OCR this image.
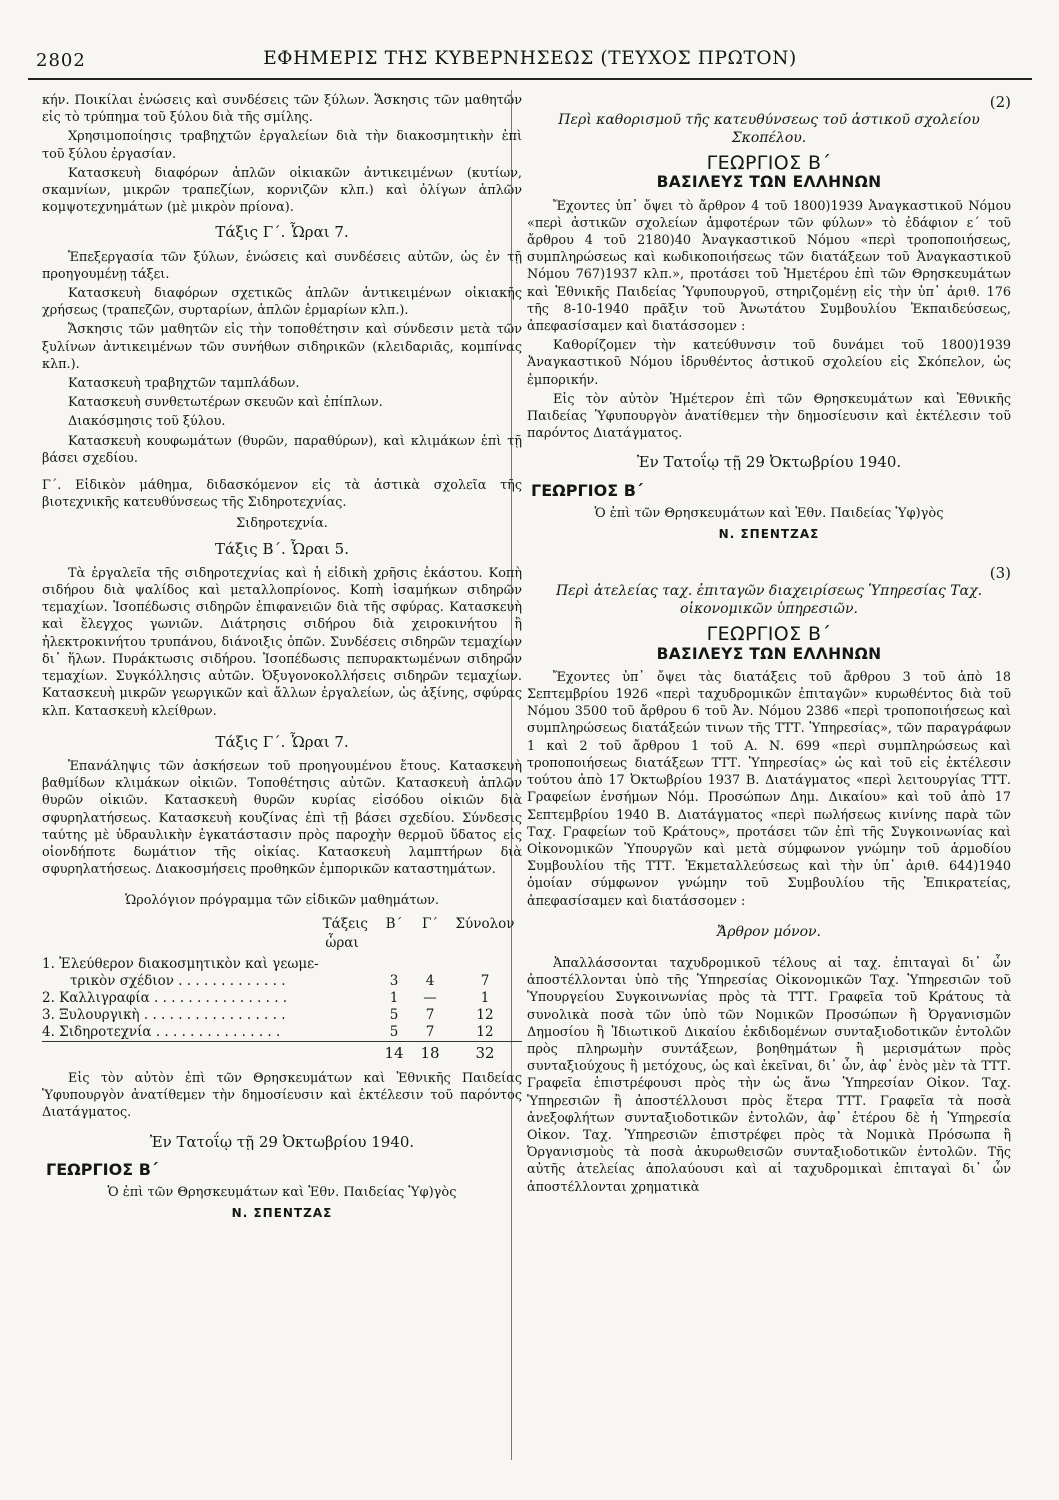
2802	ΕΦΗΜΕΡΙΣ ΤΗΣ ΚΥΒΕΡΝΗΣΕΩΣ (ΤΕΥΧΟΣ ΠΡΩΤΟΝ)

κήν. Ποικίλαι ἑνώσεις καὶ συνδέσεις τῶν ξύλων. Ἄσκησις τῶν μαθητῶν εἰς τὸ τρύπημα τοῦ ξύλου διὰ τῆς σμίλης.

Χρησιμοποίησις τραβηχτῶν ἐργαλείων διὰ τὴν διακοσμητικὴν ἐπὶ τοῦ ξύλου ἐργασίαν.

Κατασκευὴ διαφόρων ἁπλῶν οἰκιακῶν ἀντικειμένων (κυτίων, σκαμνίων, μικρῶν τραπεζίων, κορνιζῶν κλπ.) καὶ ὀλίγων ἁπλῶν κομψοτεχνημάτων (μὲ μικρὸν πρίονα).

Τάξις Γ΄. Ὧραι 7.

Ἐπεξεργασία τῶν ξύλων, ἑνώσεις καὶ συνδέσεις αὐτῶν, ὡς ἐν τῇ προηγουμένῃ τάξει.

Κατασκευὴ διαφόρων σχετικῶς ἁπλῶν ἀντικειμένων οἰκιακῆς χρήσεως (τραπεζῶν, συρταρίων, ἁπλῶν ἑρμαρίων κλπ.).

Ἄσκησις τῶν μαθητῶν εἰς τὴν τοποθέτησιν καὶ σύνδεσιν μετὰ τῶν ξυλίνων ἀντικειμένων τῶν συνήθων σιδηρικῶν (κλειδαριᾶς, κομπίνας κλπ.).

Κατασκευὴ τραβηχτῶν ταμπλάδων.

Κατασκευὴ συνθετωτέρων σκευῶν καὶ ἐπίπλων.

Διακόσμησις τοῦ ξύλου.

Κατασκευὴ κουφωμάτων (θυρῶν, παραθύρων), καὶ κλιμάκων ἐπὶ τῇ βάσει σχεδίου.

Γ΄. Εἰδικὸν μάθημα, διδασκόμενον εἰς τὰ ἀστικὰ σχολεῖα τῆς βιοτεχνικῆς κατευθύνσεως τῆς Σιδηροτεχνίας.

Σιδηροτεχνία.
Τάξις Β΄. Ὧραι 5.

Τὰ ἐργαλεῖα τῆς σιδηροτεχνίας καὶ ἡ εἰδικὴ χρῆσις ἑκάστου. Κοπὴ σιδήρου διὰ ψαλίδος καὶ μεταλλοπρίονος. Κοπὴ ἰσαμήκων σιδηρῶν τεμαχίων. Ἰσοπέδωσις σιδηρῶν ἐπιφανειῶν διὰ τῆς σφύρας. Κατασκευὴ καὶ ἔλεγχος γωνιῶν. Διάτρησις σιδήρου διὰ χειροκινήτου ἢ ἠλεκτροκινήτου τρυπάνου, διάνοιξις ὀπῶν. Συνδέσεις σιδηρῶν τεμαχίων δι᾽ ἥλων. Πυράκτωσις σιδήρου. Ἰσοπέδωσις πεπυρακτωμένων σιδηρῶν τεμαχίων. Συγκόλλησις αὐτῶν. Ὀξυγονοκολλήσεις σιδηρῶν τεμαχίων. Κατασκευὴ μικρῶν γεωργικῶν καὶ ἄλλων ἐργαλείων, ὡς ἀξίνης, σφύρας κλπ. Κατασκευὴ κλείθρων.

Τάξις Γ΄. Ὧραι 7.

Ἐπανάληψις τῶν ἀσκήσεων τοῦ προηγουμένου ἔτους. Κατασκευὴ βαθμίδων κλιμάκων οἰκιῶν. Τοποθέτησις αὐτῶν. Κατασκευὴ ἁπλῶν θυρῶν οἰκιῶν. Κατασκευὴ θυρῶν κυρίας εἰσόδου οἰκιῶν διὰ σφυρηλατήσεως. Κατασκευὴ κουζίνας ἐπὶ τῇ βάσει σχεδίου. Σύνδεσις ταύτης μὲ ὑδραυλικὴν ἐγκατάστασιν πρὸς παροχὴν θερμοῦ ὕδατος εἰς οἱονδήποτε δωμάτιον τῆς οἰκίας. Κατασκευὴ λαμπτήρων διὰ σφυρηλατήσεως. Διακοσμήσεις προθηκῶν ἐμπορικῶν καταστημάτων.

Ὡρολόγιον πρόγραμμα τῶν εἰδικῶν μαθημάτων.
Τάξεις	Β΄	Γ΄	Σύνολον
ὧραι
1. Ἐλεύθερον διακοσμητικὸν καὶ γεωμε-
τρικὸν σχέδιον . . . . . . . . . . . . .	3	4	7
2. Καλλιγραφία . . . . . . . . . . . . . . . .	1	—	1
3. Ξυλουργικὴ . . . . . . . . . . . . . . . . .	5	7	12
4. Σιδηροτεχνία . . . . . . . . . . . . . . .	5	7	12
14	18	32

Εἰς τὸν αὐτὸν ἐπὶ τῶν Θρησκευμάτων καὶ Ἐθνικῆς Παιδείας Ὑφυπουργὸν ἀνατίθεμεν τὴν δημοσίευσιν καὶ ἐκτέλεσιν τοῦ παρόντος Διατάγματος.

Ἐν Τατοΐῳ τῇ 29 Ὀκτωβρίου 1940.
ΓΕΩΡΓΙΟΣ Β΄
Ὁ ἐπὶ τῶν Θρησκευμάτων καὶ Ἐθν. Παιδείας Ὑφ)γὸς
Ν. ΣΠΕΝΤΖΑΣ
(2)
Περὶ καθορισμοῦ τῆς κατευθύνσεως τοῦ ἀστικοῦ σχολείου Σκοπέλου.
ΓΕΩΡΓΙΟΣ Β΄
ΒΑΣΙΛΕΥΣ ΤΩΝ ΕΛΛΗΝΩΝ

Ἔχοντες ὑπ᾽ ὄψει τὸ ἄρθρον 4 τοῦ 1800)1939 Ἀναγκαστικοῦ Νόμου «περὶ ἀστικῶν σχολείων ἀμφοτέρων τῶν φύλων» τὸ ἐδάφιον ε΄ τοῦ ἄρθρου 4 τοῦ 2180)40 Ἀναγκαστικοῦ Νόμου «περὶ τροποποιήσεως, συμπληρώσεως καὶ κωδικοποιήσεως τῶν διατάξεων τοῦ Ἀναγκαστικοῦ Νόμου 767)1937 κλπ.», προτάσει τοῦ Ἡμετέρου ἐπὶ τῶν Θρησκευμάτων καὶ Ἐθνικῆς Παιδείας Ὑφυπουργοῦ, στηριζομένῃ εἰς τὴν ὑπ᾽ ἀριθ. 176 τῆς 8-10-1940 πρᾶξιν τοῦ Ἀνωτάτου Συμβουλίου Ἐκπαιδεύσεως, ἀπεφασίσαμεν καὶ διατάσσομεν :

Καθορίζομεν τὴν κατεύθυνσιν τοῦ δυνάμει τοῦ 1800)1939 Ἀναγκαστικοῦ Νόμου ἱδρυθέντος ἀστικοῦ σχολείου εἰς Σκόπελον, ὡς ἐμπορικήν.

Εἰς τὸν αὐτὸν Ἡμέτερον ἐπὶ τῶν Θρησκευμάτων καὶ Ἐθνικῆς Παιδείας Ὑφυπουργὸν ἀνατίθεμεν τὴν δημοσίευσιν καὶ ἐκτέλεσιν τοῦ παρόντος Διατάγματος.

Ἐν Τατοΐῳ τῇ 29 Ὀκτωβρίου 1940.
ΓΕΩΡΓΙΟΣ Β΄
Ὁ ἐπὶ τῶν Θρησκευμάτων καὶ Ἐθν. Παιδείας Ὑφ)γὸς
Ν. ΣΠΕΝΤΖΑΣ
(3)
Περὶ ἀτελείας ταχ. ἐπιταγῶν διαχειρίσεως Ὑπηρεσίας Ταχ. οἰκονομικῶν ὑπηρεσιῶν.
ΓΕΩΡΓΙΟΣ Β΄
ΒΑΣΙΛΕΥΣ ΤΩΝ ΕΛΛΗΝΩΝ

Ἔχοντες ὑπ᾽ ὄψει τὰς διατάξεις τοῦ ἄρθρου 3 τοῦ ἀπὸ 18 Σεπτεμβρίου 1926 «περὶ ταχυδρομικῶν ἐπιταγῶν» κυρωθέντος διὰ τοῦ Νόμου 3500 τοῦ ἄρθρου 6 τοῦ Ἀν. Νόμου 2386 «περὶ τροποποιήσεως καὶ συμπληρώσεως διατάξεών τινων τῆς ΤΤΤ. Ὑπηρεσίας», τῶν παραγράφων 1 καὶ 2 τοῦ ἄρθρου 1 τοῦ Α. Ν. 699 «περὶ συμπληρώσεως καὶ τροποποιήσεως διατάξεων ΤΤΤ. Ὑπηρεσίας» ὡς καὶ τοῦ εἰς ἐκτέλεσιν τούτου ἀπὸ 17 Ὀκτωβρίου 1937 Β. Διατάγματος «περὶ λειτουργίας ΤΤΤ. Γραφείων ἐνσήμων Νόμ. Προσώπων Δημ. Δικαίου» καὶ τοῦ ἀπὸ 17 Σεπτεμβρίου 1940 Β. Διατάγματος «περὶ πωλήσεως κινίνης παρὰ τῶν Ταχ. Γραφείων τοῦ Κράτους», προτάσει τῶν ἐπὶ τῆς Συγκοινωνίας καὶ Οἰκονομικῶν Ὑπουργῶν καὶ μετὰ σύμφωνον γνώμην τοῦ ἁρμοδίου Συμβουλίου τῆς ΤΤΤ. Ἐκμεταλλεύσεως καὶ τὴν ὑπ᾽ ἀριθ. 644)1940 ὁμοίαν σύμφωνον γνώμην τοῦ Συμβουλίου τῆς Ἐπικρατείας, ἀπεφασίσαμεν καὶ διατάσσομεν :

Ἄρθρον μόνον.

Ἀπαλλάσσονται ταχυδρομικοῦ τέλους αἱ ταχ. ἐπιταγαὶ δι᾽ ὧν ἀποστέλλονται ὑπὸ τῆς Ὑπηρεσίας Οἰκονομικῶν Ταχ. Ὑπηρεσιῶν τοῦ Ὑπουργείου Συγκοινωνίας πρὸς τὰ ΤΤΤ. Γραφεῖα τοῦ Κράτους τὰ συνολικὰ ποσὰ τῶν ὑπὸ τῶν Νομικῶν Προσώπων ἢ Ὀργανισμῶν Δημοσίου ἢ Ἰδιωτικοῦ Δικαίου ἐκδιδομένων συνταξιοδοτικῶν ἐντολῶν πρὸς πληρωμὴν συντάξεων, βοηθημάτων ἢ μερισμάτων πρὸς συνταξιούχους ἢ μετόχους, ὡς καὶ ἐκεῖναι, δι᾽ ὧν, ἀφ᾽ ἑνὸς μὲν τὰ ΤΤΤ. Γραφεῖα ἐπιστρέφουσι πρὸς τὴν ὡς ἄνω Ὑπηρεσίαν Οἰκον. Ταχ. Ὑπηρεσιῶν ἢ ἀποστέλλουσι πρὸς ἕτερα ΤΤΤ. Γραφεῖα τὰ ποσὰ ἀνεξοφλήτων συνταξιοδοτικῶν ἐντολῶν, ἀφ᾽ ἑτέρου δὲ ἡ Ὑπηρεσία Οἰκον. Ταχ. Ὑπηρεσιῶν ἐπιστρέφει πρὸς τὰ Νομικὰ Πρόσωπα ἢ Ὀργανισμοὺς τὰ ποσὰ ἀκυρωθεισῶν συνταξιοδοτικῶν ἐντολῶν. Τῆς αὐτῆς ἀτελείας ἀπολαύουσι καὶ αἱ ταχυδρομικαὶ ἐπιταγαὶ δι᾽ ὧν ἀποστέλλονται χρηματικὰ
